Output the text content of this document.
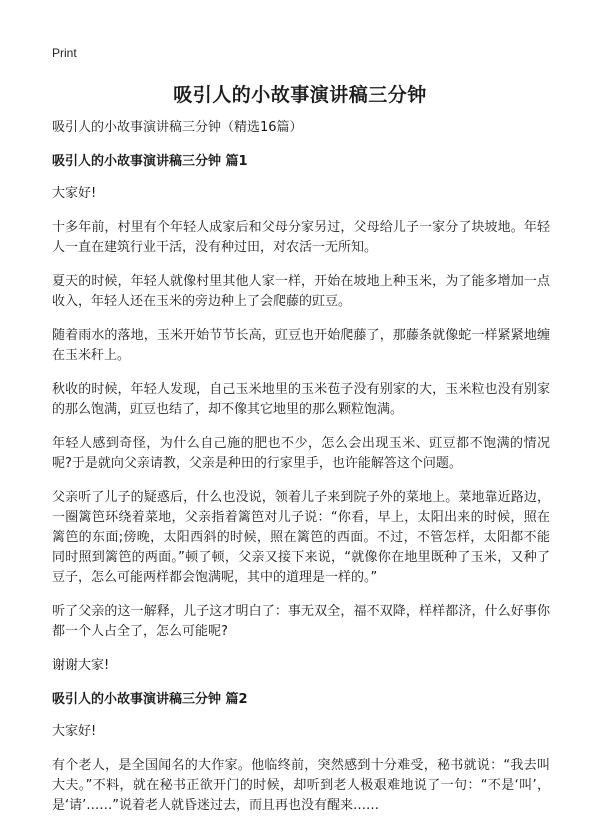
Print
吸引人的小故事演讲稿三分钟

吸引人的小故事演讲稿三分钟（精选16篇）

吸引人的小故事演讲稿三分钟 篇1

大家好!

十多年前，村里有个年轻人成家后和父母分家另过，父母给儿子一家分了块坡地。年轻人一直在建筑行业干活，没有种过田，对农活一无所知。

夏天的时候，年轻人就像村里其他人家一样，开始在坡地上种玉米，为了能多增加一点收入，年轻人还在玉米的旁边种上了会爬藤的豇豆。

随着雨水的落地，玉米开始节节长高，豇豆也开始爬藤了，那藤条就像蛇一样紧紧地缠在玉米秆上。

秋收的时候，年轻人发现，自己玉米地里的玉米苞子没有别家的大，玉米粒也没有别家的那么饱满，豇豆也结了，却不像其它地里的那么颗粒饱满。

年轻人感到奇怪，为什么自己施的肥也不少，怎么会出现玉米、豇豆都不饱满的情况呢?于是就向父亲请教，父亲是种田的行家里手，也许能解答这个问题。

父亲听了儿子的疑惑后，什么也没说，领着儿子来到院子外的菜地上。菜地靠近路边，一圈篱笆环绕着菜地，父亲指着篱笆对儿子说：“你看，早上，太阳出来的时候，照在篱笆的东面;傍晚，太阳西斜的时候，照在篱笆的西面。不过，不管怎样，太阳都不能同时照到篱笆的两面。”顿了顿，父亲又接下来说，“就像你在地里既种了玉米，又种了豆子，怎么可能两样都会饱满呢，其中的道理是一样的。”

听了父亲的这一解释，儿子这才明白了：事无双全，福不双降，样样都济，什么好事你都一个人占全了，怎么可能呢?

谢谢大家!

吸引人的小故事演讲稿三分钟 篇2

大家好!

有个老人，是全国闻名的大作家。他临终前，突然感到十分难受，秘书就说：“我去叫大夫。”不料，就在秘书正欲开门的时候，却听到老人极艰难地说了一句：“不是‘叫’，是‘请’……”说着老人就昏迷过去，而且再也没有醒来……
